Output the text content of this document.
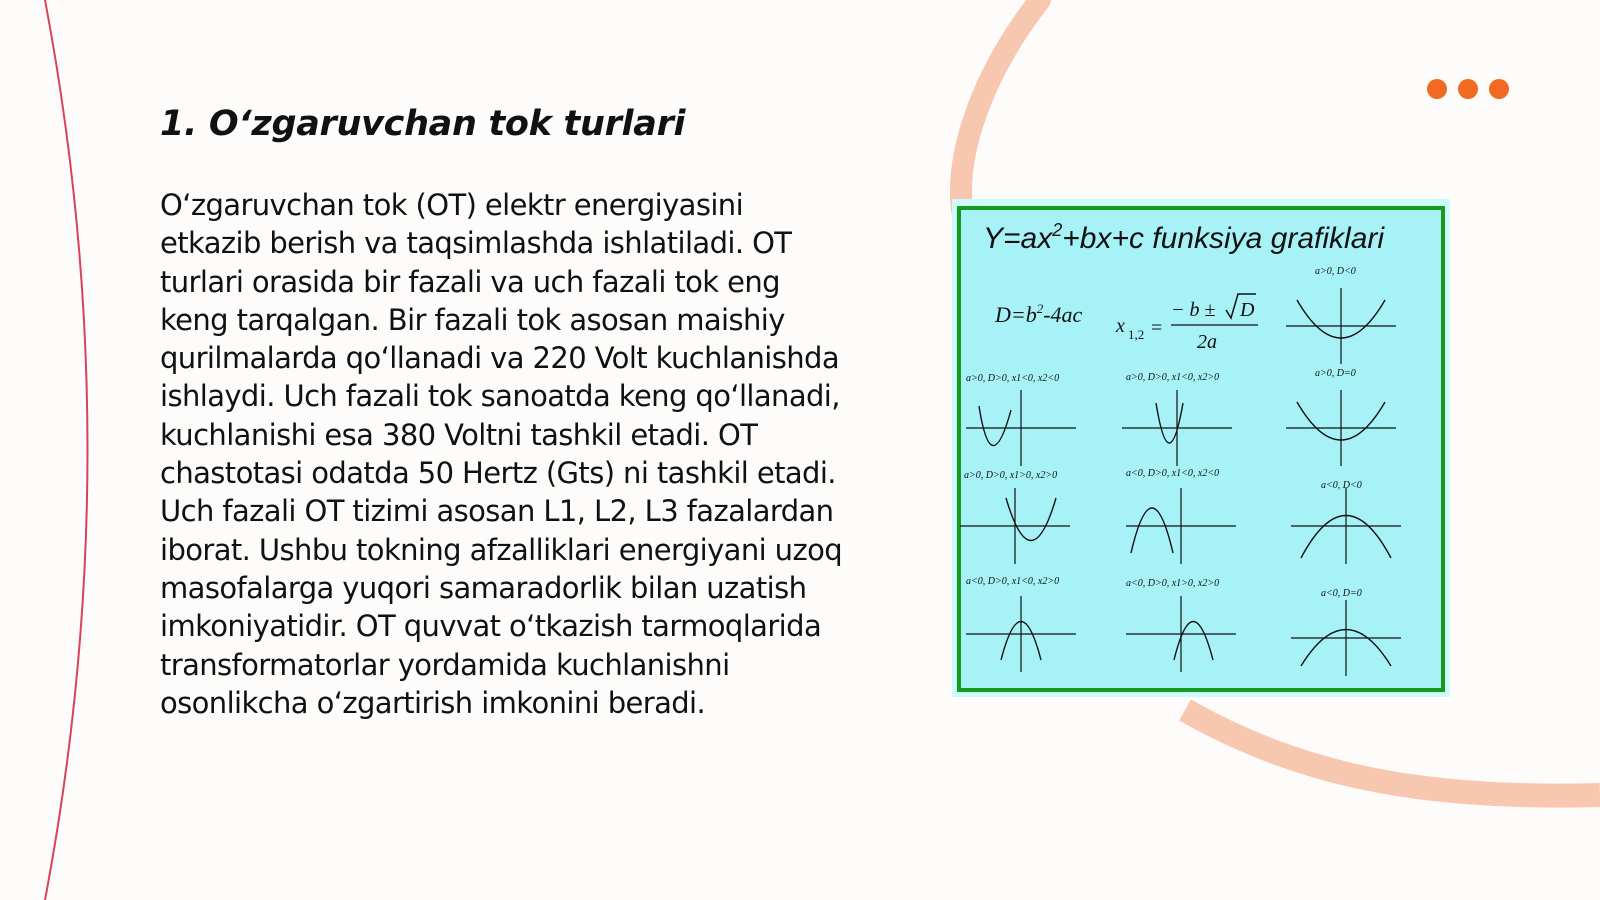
1. O‘zgaruvchan tok turlari

O‘zgaruvchan tok (OT) elektr energiyasini etkazib berish va taqsimlashda ishlatiladi. OT turlari orasida bir fazali va uch fazali tok eng keng tarqalgan. Bir fazali tok asosan maishiy qurilmalarda qo‘llanadi va 220 Volt kuchlanishda ishlaydi. Uch fazali tok sanoatda keng qo‘llanadi, kuchlanishi esa 380 Voltni tashkil etadi. OT chastotasi odatda 50 Hertz (Gts) ni tashkil etadi. Uch fazali OT tizimi asosan L1, L2, L3 fazalardan iborat. Ushbu tokning afzalliklari energiyani uzoq masofalarga yuqori samaradorlik bilan uzatish imkoniyatidir. OT quvvat o‘tkazish tarmoqlarida transformatorlar yordamida kuchlanishni osonlikcha o‘zgartirish imkonini beradi.

$Y=ax^2+bx+c$ funksiya grafiklari
$D=b^2-4ac$ x 1,2 =
− b ± D
2a
a>0, D<0
a>0, D>0, x1<0, x2<0	a>0, D>0, x1<0, x2>0	a>0, D=0
a>0, D>0, x1>0, x2>0	a<0, D>0, x1<0, x2<0
a<0, D<0
a<0, D>0, x1<0, x2>0	a<0, D>0, x1>0, x2>0
a<0, D=0
